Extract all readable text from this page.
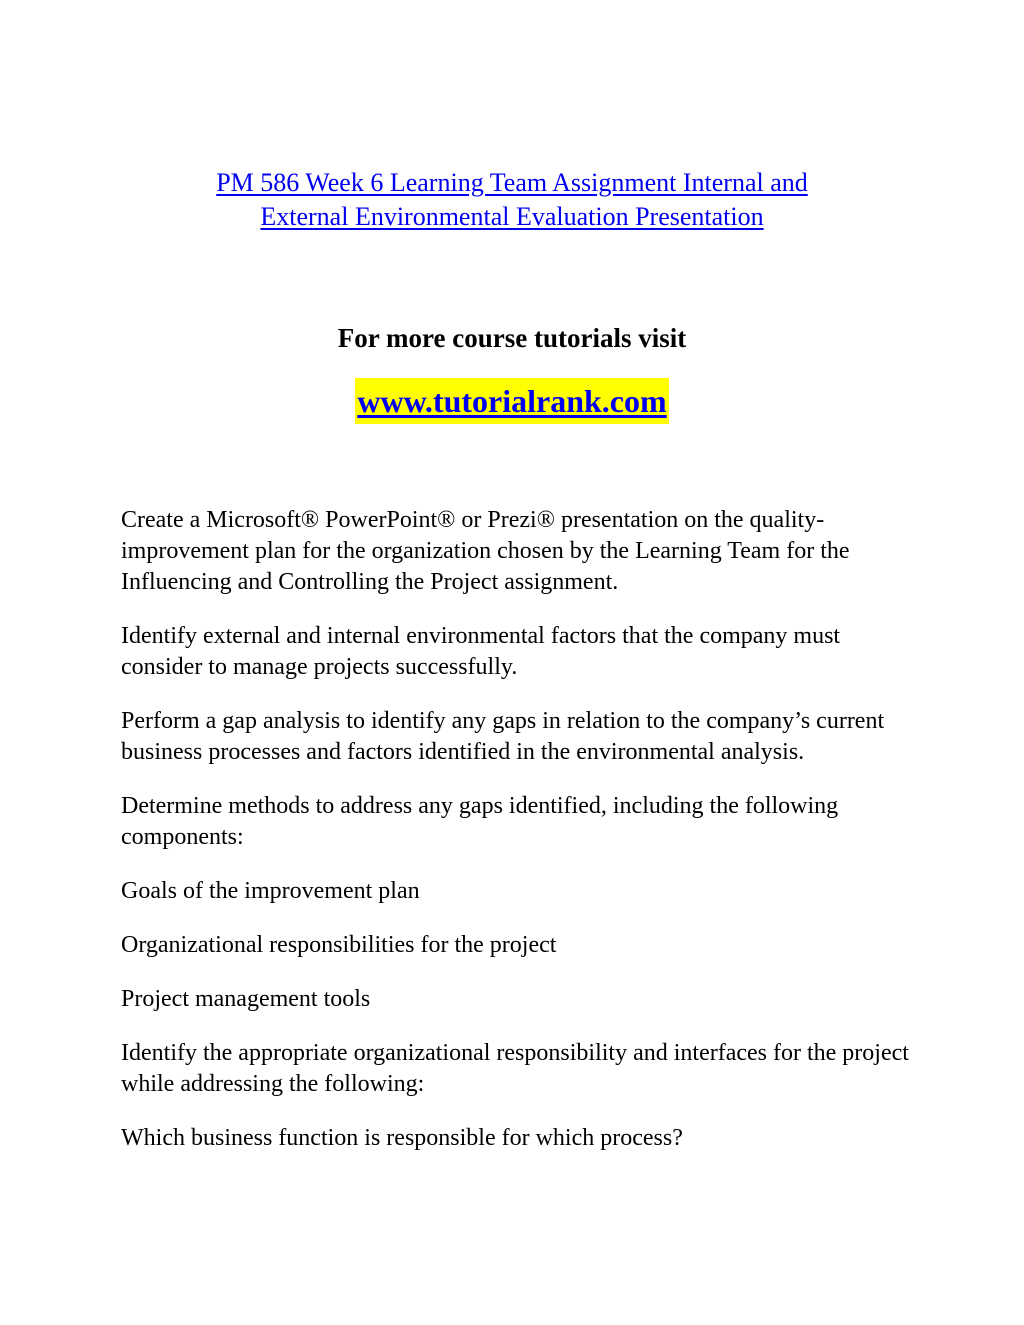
PM 586 Week 6 Learning Team Assignment Internal and
External Environmental Evaluation Presentation
For more course tutorials visit
www.tutorialrank.com

Create a Microsoft® PowerPoint® or Prezi® presentation on the quality-improvement plan for the organization chosen by the Learning Team for the Influencing and Controlling the Project assignment.

Identify external and internal environmental factors that the company must consider to manage projects successfully.

Perform a gap analysis to identify any gaps in relation to the company’s current business processes and factors identified in the environmental analysis.

Determine methods to address any gaps identified, including the following components:

Goals of the improvement plan

Organizational responsibilities for the project

Project management tools

Identify the appropriate organizational responsibility and interfaces for the project while addressing the following:

Which business function is responsible for which process?
